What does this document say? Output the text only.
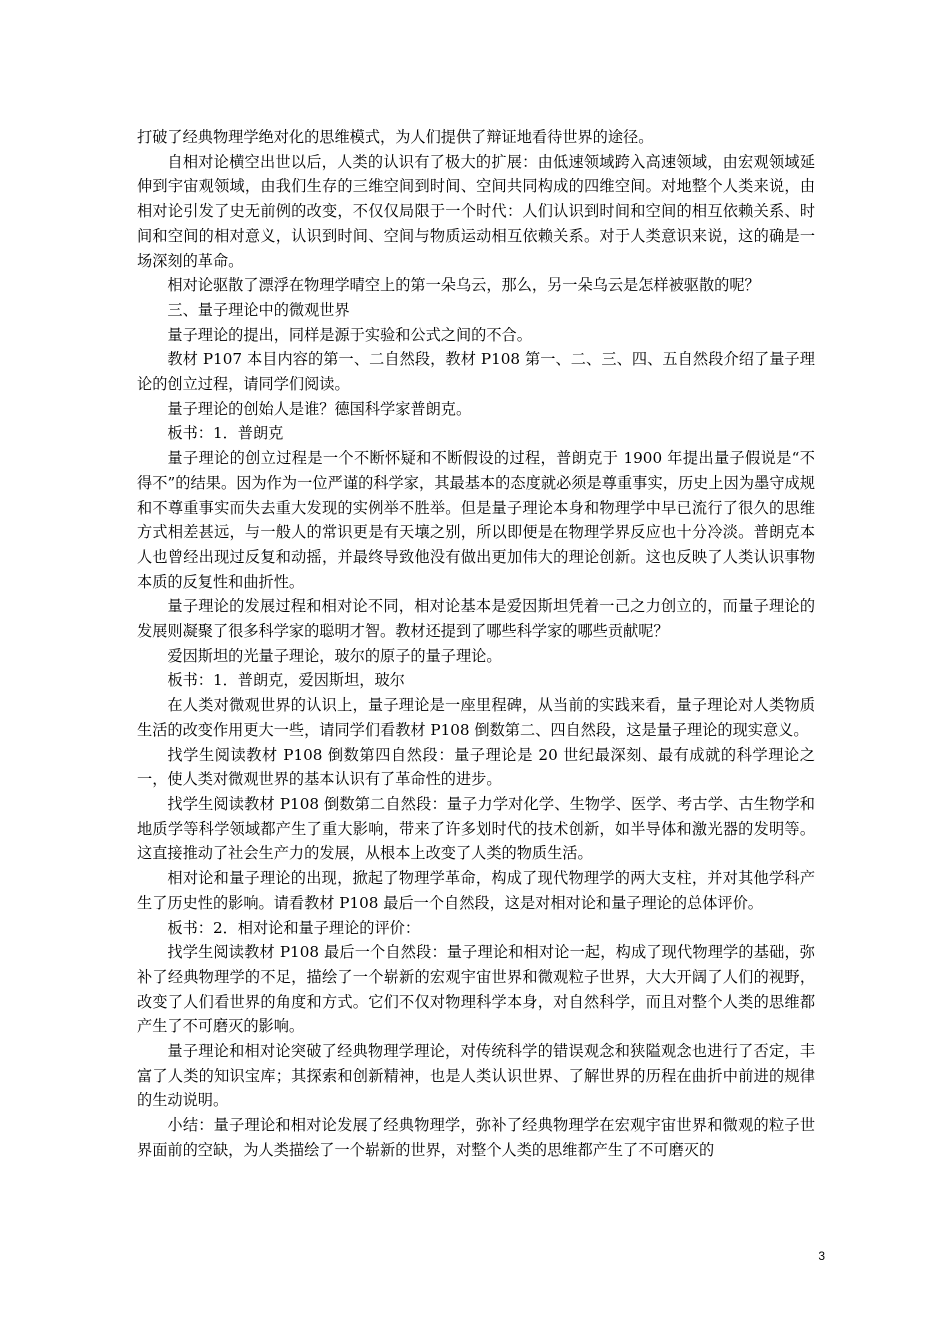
打破了经典物理学绝对化的思维模式，为人们提供了辩证地看待世界的途径。

自相对论横空出世以后，人类的认识有了极大的扩展：由低速领域跨入高速领域，由宏观领域延伸到宇宙观领域，由我们生存的三维空间到时间、空间共同构成的四维空间。对地整个人类来说，由相对论引发了史无前例的改变，不仅仅局限于一个时代：人们认识到时间和空间的相互依赖关系、时间和空间的相对意义，认识到时间、空间与物质运动相互依赖关系。对于人类意识来说，这的确是一场深刻的革命。

相对论驱散了漂浮在物理学晴空上的第一朵乌云，那么，另一朵乌云是怎样被驱散的呢？

三、量子理论中的微观世界

量子理论的提出，同样是源于实验和公式之间的不合。

教材 P107 本目内容的第一、二自然段，教材 P108 第一、二、三、四、五自然段介绍了量子理论的创立过程，请同学们阅读。

量子理论的创始人是谁？德国科学家普朗克。

板书：1．普朗克

量子理论的创立过程是一个不断怀疑和不断假设的过程，普朗克于 1900 年提出量子假说是“不得不”的结果。因为作为一位严谨的科学家，其最基本的态度就必须是尊重事实，历史上因为墨守成规和不尊重事实而失去重大发现的实例举不胜举。但是量子理论本身和物理学中早已流行了很久的思维方式相差甚远，与一般人的常识更是有天壤之别，所以即便是在物理学界反应也十分冷淡。普朗克本人也曾经出现过反复和动摇，并最终导致他没有做出更加伟大的理论创新。这也反映了人类认识事物本质的反复性和曲折性。

量子理论的发展过程和相对论不同，相对论基本是爱因斯坦凭着一己之力创立的，而量子理论的发展则凝聚了很多科学家的聪明才智。教材还提到了哪些科学家的哪些贡献呢？

爱因斯坦的光量子理论，玻尔的原子的量子理论。

板书：1．普朗克，爱因斯坦，玻尔

在人类对微观世界的认识上，量子理论是一座里程碑，从当前的实践来看，量子理论对人类物质生活的改变作用更大一些，请同学们看教材 P108 倒数第二、四自然段，这是量子理论的现实意义。

找学生阅读教材 P108 倒数第四自然段：量子理论是 20 世纪最深刻、最有成就的科学理论之一，使人类对微观世界的基本认识有了革命性的进步。

找学生阅读教材 P108 倒数第二自然段：量子力学对化学、生物学、医学、考古学、古生物学和地质学等科学领域都产生了重大影响，带来了许多划时代的技术创新，如半导体和激光器的发明等。这直接推动了社会生产力的发展，从根本上改变了人类的物质生活。

相对论和量子理论的出现，掀起了物理学革命，构成了现代物理学的两大支柱，并对其他学科产生了历史性的影响。请看教材 P108 最后一个自然段，这是对相对论和量子理论的总体评价。

板书：2．相对论和量子理论的评价：

找学生阅读教材 P108 最后一个自然段：量子理论和相对论一起，构成了现代物理学的基础，弥补了经典物理学的不足，描绘了一个崭新的宏观宇宙世界和微观粒子世界，大大开阔了人们的视野，改变了人们看世界的角度和方式。它们不仅对物理科学本身，对自然科学，而且对整个人类的思维都产生了不可磨灭的影响。

量子理论和相对论突破了经典物理学理论，对传统科学的错误观念和狭隘观念也进行了否定，丰富了人类的知识宝库；其探索和创新精神，也是人类认识世界、了解世界的历程在曲折中前进的规律的生动说明。

小结：量子理论和相对论发展了经典物理学，弥补了经典物理学在宏观宇宙世界和微观的粒子世界面前的空缺，为人类描绘了一个崭新的世界，对整个人类的思维都产生了不可磨灭的

3
